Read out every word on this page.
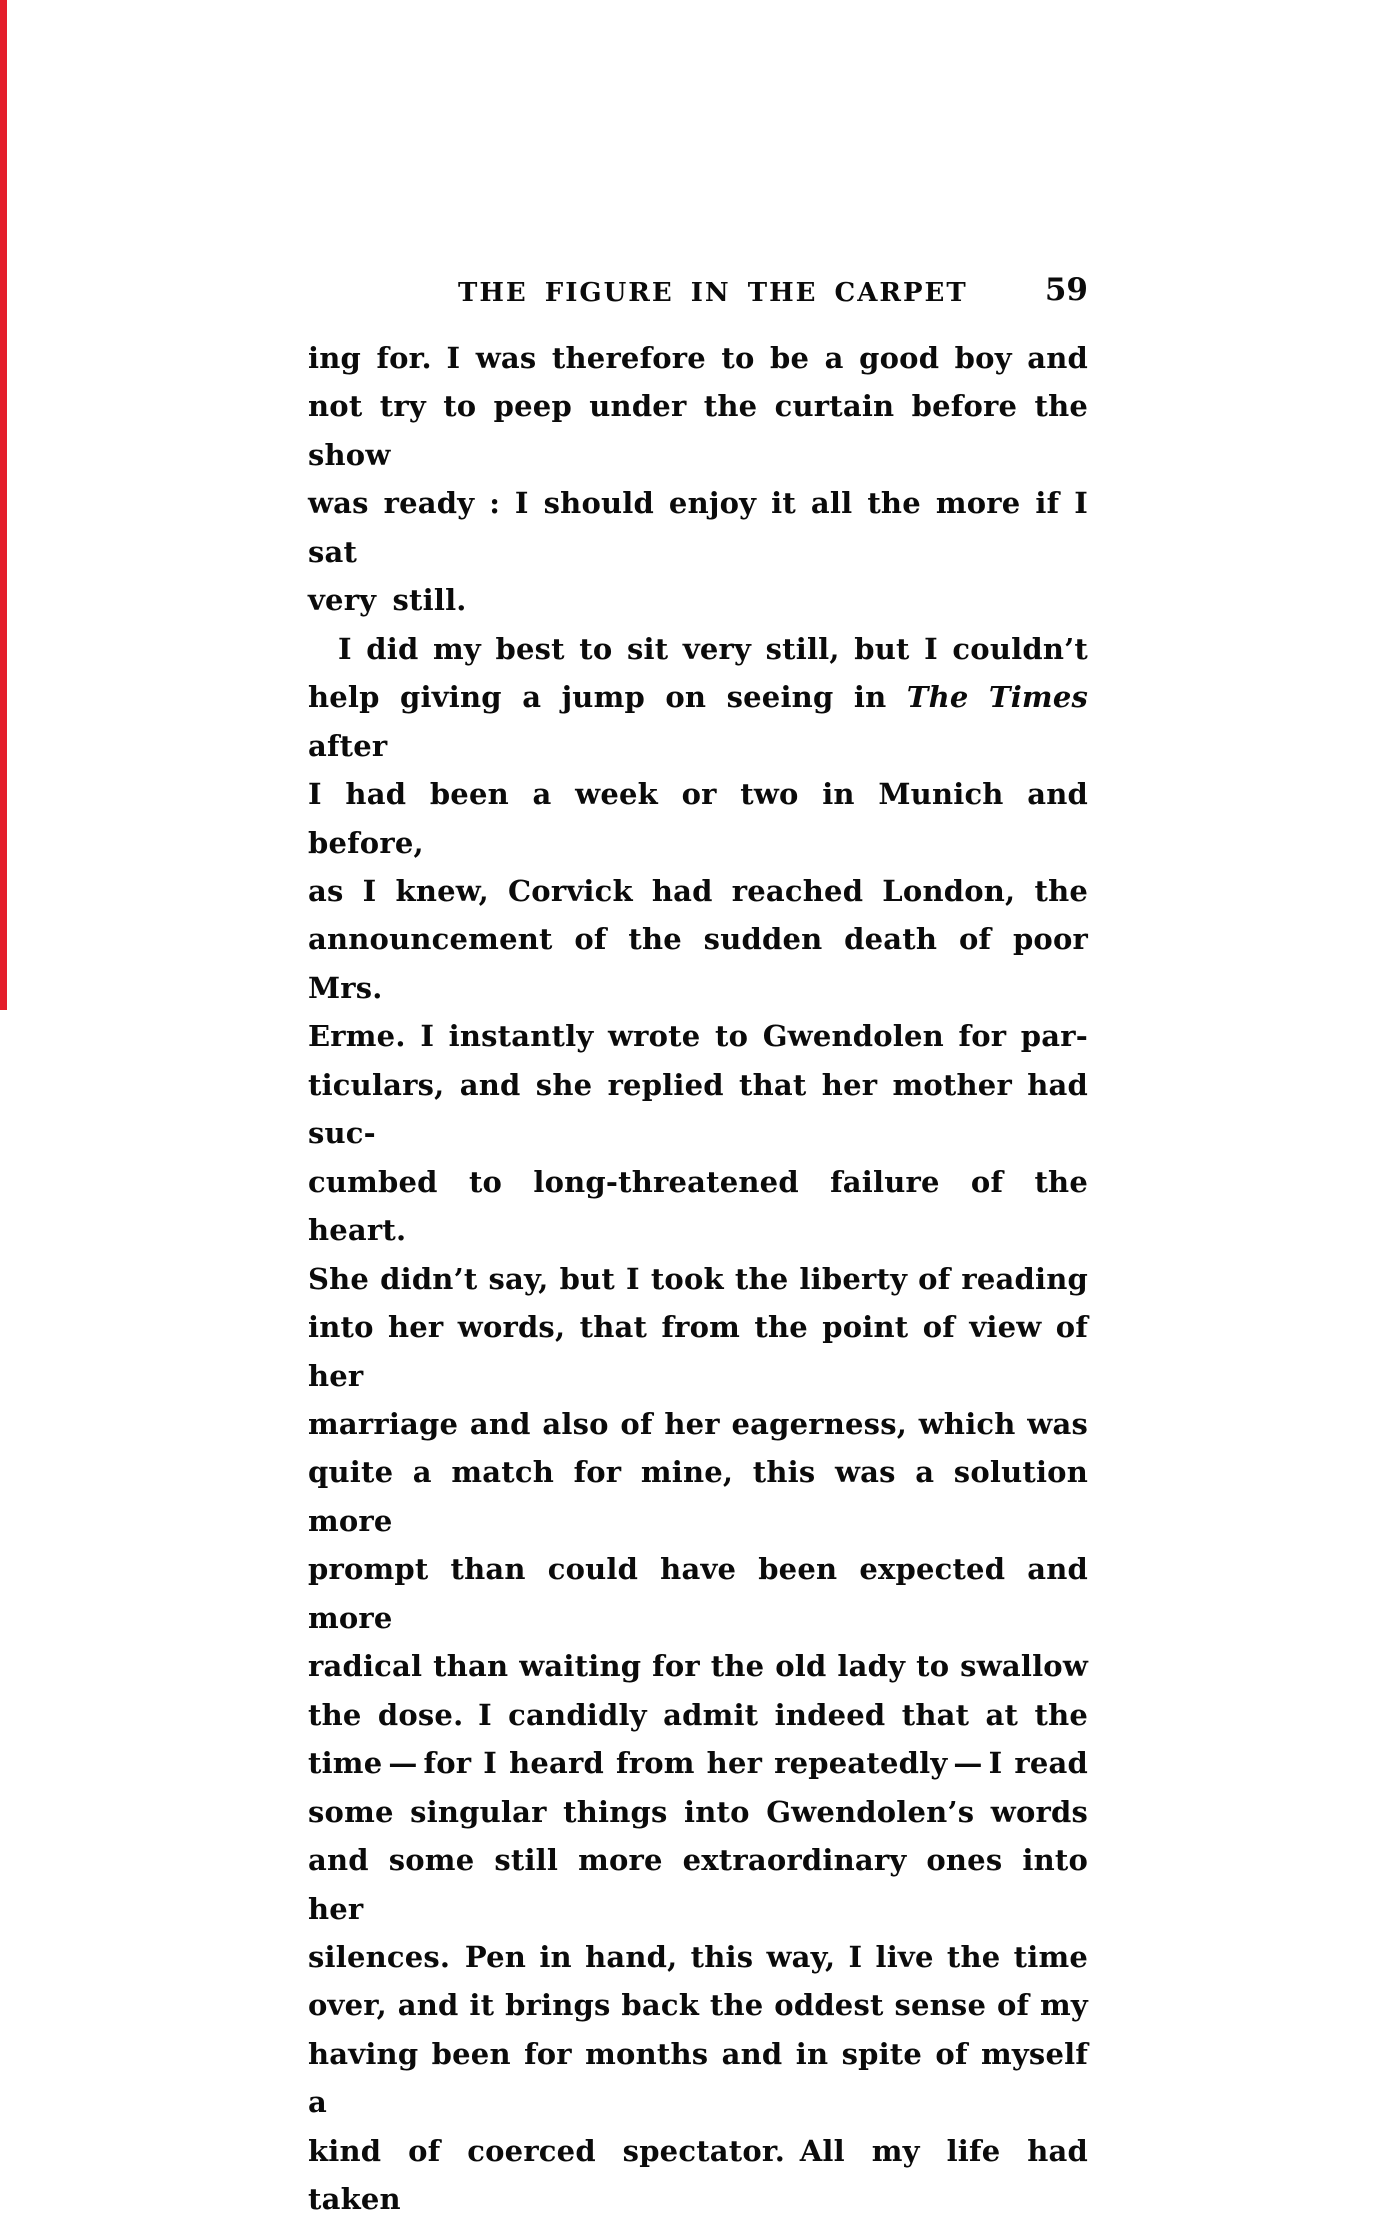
THE FIGURE IN THE CARPET 59
ing for. I was therefore to be a good boy and
not try to peep under the curtain before the show
was ready : I should enjoy it all the more if I sat
very still.
I did my best to sit very still, but I couldn’t
help giving a jump on seeing in The Times after
I had been a week or two in Munich and before,
as I knew, Corvick had reached London, the
announcement of the sudden death of poor Mrs.
Erme. I instantly wrote to Gwendolen for par-
ticulars, and she replied that her mother had suc-
cumbed to long-threatened failure of the heart.
She didn’t say, but I took the liberty of reading
into her words, that from the point of view of her
marriage and also of her eagerness, which was
quite a match for mine, this was a solution more
prompt than could have been expected and more
radical than waiting for the old lady to swallow
the dose. I candidly admit indeed that at the
time — for I heard from her repeatedly — I read
some singular things into Gwendolen’s words
and some still more extraordinary ones into her
silences. Pen in hand, this way, I live the time
over, and it brings back the oddest sense of my
having been for months and in spite of myself a
kind of coerced spectator. All my life had taken
